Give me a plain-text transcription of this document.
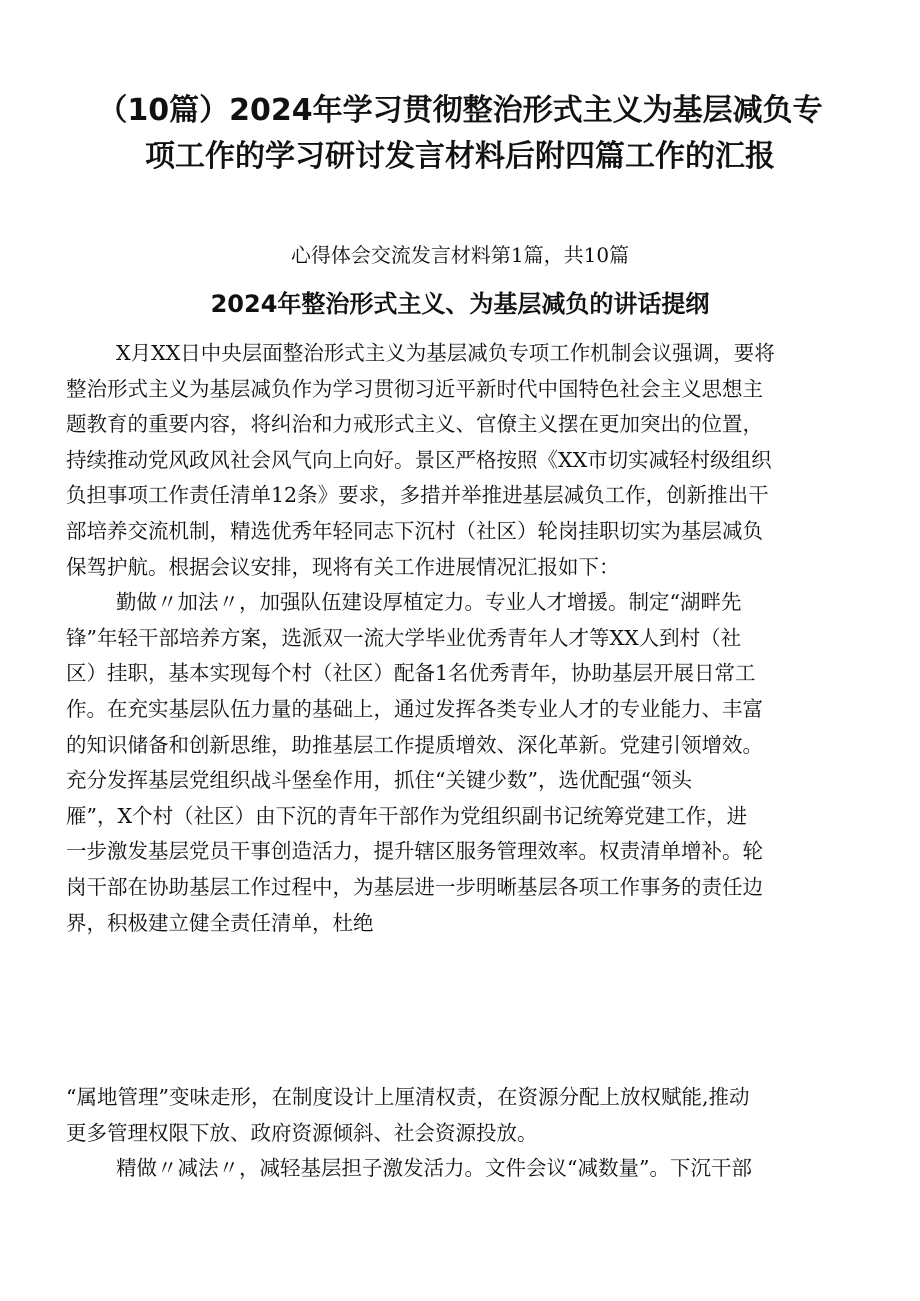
（10篇）2024年学习贯彻整治形式主义为基层减负专
项工作的学习研讨发言材料后附四篇工作的汇报
心得体会交流发言材料第1篇，共10篇
2024年整治形式主义、为基层减负的讲话提纲
X月XX日中央层面整治形式主义为基层减负专项工作机制会议强调，要将
整治形式主义为基层减负作为学习贯彻习近平新时代中国特色社会主义思想主
题教育的重要内容，将纠治和力戒形式主义、官僚主义摆在更加突出的位置，
持续推动党风政风社会风气向上向好。景区严格按照《XX市切实减轻村级组织
负担事项工作责任清单12条》要求，多措并举推进基层减负工作，创新推出干
部培养交流机制，精选优秀年轻同志下沉村（社区）轮岗挂职切实为基层减负
保驾护航。根据会议安排，现将有关工作进展情况汇报如下：
勤做〃加法〃，加强队伍建设厚植定力。专业人才增援。制定“湖畔先
锋”年轻干部培养方案，选派双一流大学毕业优秀青年人才等XX人到村（社
区）挂职，基本实现每个村（社区）配备1名优秀青年，协助基层开展日常工
作。在充实基层队伍力量的基础上，通过发挥各类专业人才的专业能力、丰富
的知识储备和创新思维，助推基层工作提质增效、深化革新。党建引领增效。
充分发挥基层党组织战斗堡垒作用，抓住“关键少数”，选优配强“领头
雁”，X个村（社区）由下沉的青年干部作为党组织副书记统筹党建工作，进
一步激发基层党员干事创造活力，提升辖区服务管理效率。权责清单增补。轮
岗干部在协助基层工作过程中，为基层进一步明晰基层各项工作事务的责任边
界，积极建立健全责任清单，杜绝
“属地管理”变味走形，在制度设计上厘清权责，在资源分配上放权赋能,推动
更多管理权限下放、政府资源倾斜、社会资源投放。
精做〃减法〃，减轻基层担子激发活力。文件会议“减数量”。下沉干部
